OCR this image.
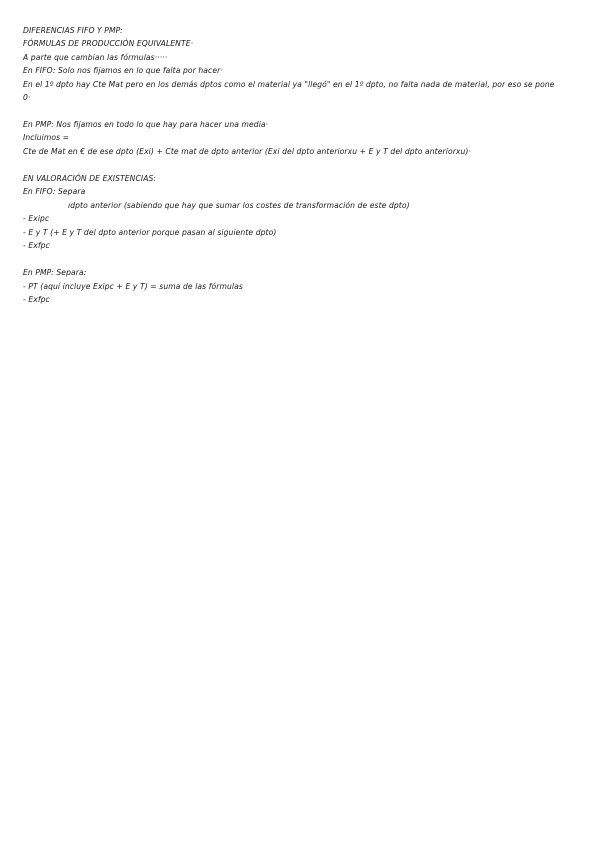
DIFERENCIAS FIFO Y PMP:

FÓRMULAS DE PRODUCCIÓN EQUIVALENTE·

A parte que cambian las fórmulas·····

En FIFO: Solo nos fijamos en lo que falta por hacer·

En el 1º dpto hay Cte Mat pero en los demás dptos como el material ya "llegó" en el 1º dpto, no falta nada de material, por eso se pone 0·

En PMP: Nos fijamos en todo lo que hay para hacer una media·

Incluimos =

Cte de Mat en € de ese dpto (Exi) + Cte mat de dpto anterior (Exi del dpto anteriorxu + E y T del dpto anteriorxu)·

EN VALORACIÓN DE EXISTENCIAS:

En FIFO: Separa

ıdpto anterior (sabiendo que hay que sumar los costes de transformación de este dpto)

- Exipc

- E y T (+ E y T del dpto anterior porque pasan al siguiente dpto)

- Exfpc

En PMP: Separa:

- PT (aquí incluye Exipc + E y T) = suma de las fórmulas

- Exfpc
